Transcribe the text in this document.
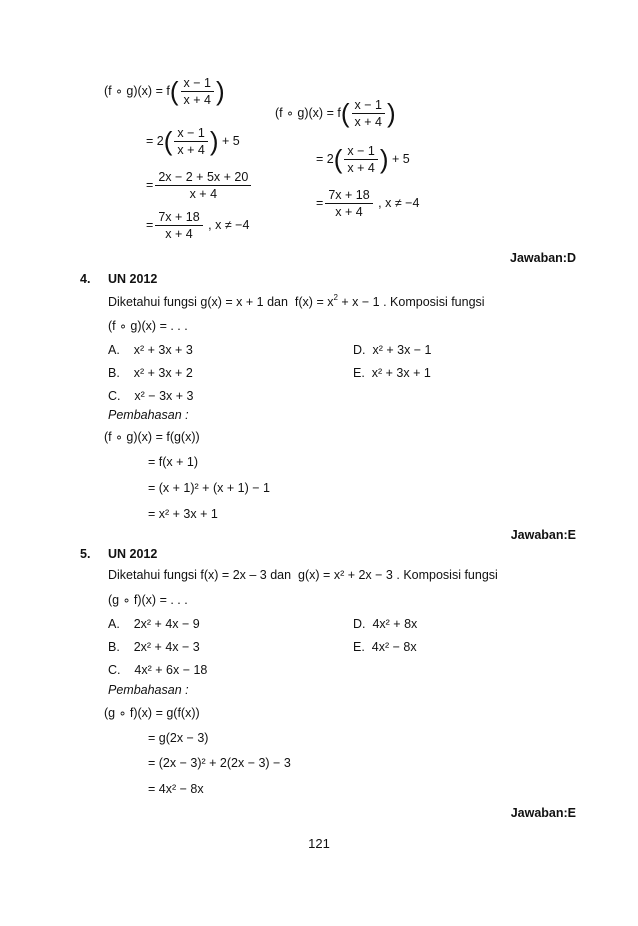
(f ∘ $g)(x) = f( \frac{x - 1}{x + 4}$ )
= $2( \frac{x - 1}{x + 4}$ ) + 5
= $\frac{2x - 2 + 5x + 20}{x + 4}$
= $\frac{7x + 18}{x + 4}$ , x ≠ −4
(f ∘ $g)(x) = f( \frac{x - 1}{x + 4}$ )
= $2( \frac{x - 1}{x + 4}$ ) + 5
= $\frac{7x + 18}{x + 4}$ , x ≠ −4
Jawaban:D
4. UN 2012
Diketahui fungsi g(x) = x + 1 dan $f(x) = x^2 + x - 1$ . Komposisi fungsi
(f ∘ g)(x) = . . .
A. x² + 3x + 3
B. x² + 3x + 2
C. x² − 3x + 3
D. x² + 3x − 1
E. x² + 3x + 1
Pembahasan :
(f ∘ g)(x) = f(g(x))
= f(x + 1)
= (x + 1)² + (x + 1) − 1
= x² + 3x + 1
Jawaban:E
5. UN 2012
Diketahui fungsi f(x) = 2x – 3 dan g(x) = x² + 2x − 3 . Komposisi fungsi
(g ∘ f)(x) = . . .
A. 2x² + 4x − 9
B. 2x² + 4x − 3
C. 4x² + 6x − 18
D. 4x² + 8x
E. 4x² − 8x
Pembahasan :
(g ∘ f)(x) = g(f(x))
= g(2x − 3)
= (2x − 3)² + 2(2x − 3) − 3
= 4x² − 8x
Jawaban:E
121
